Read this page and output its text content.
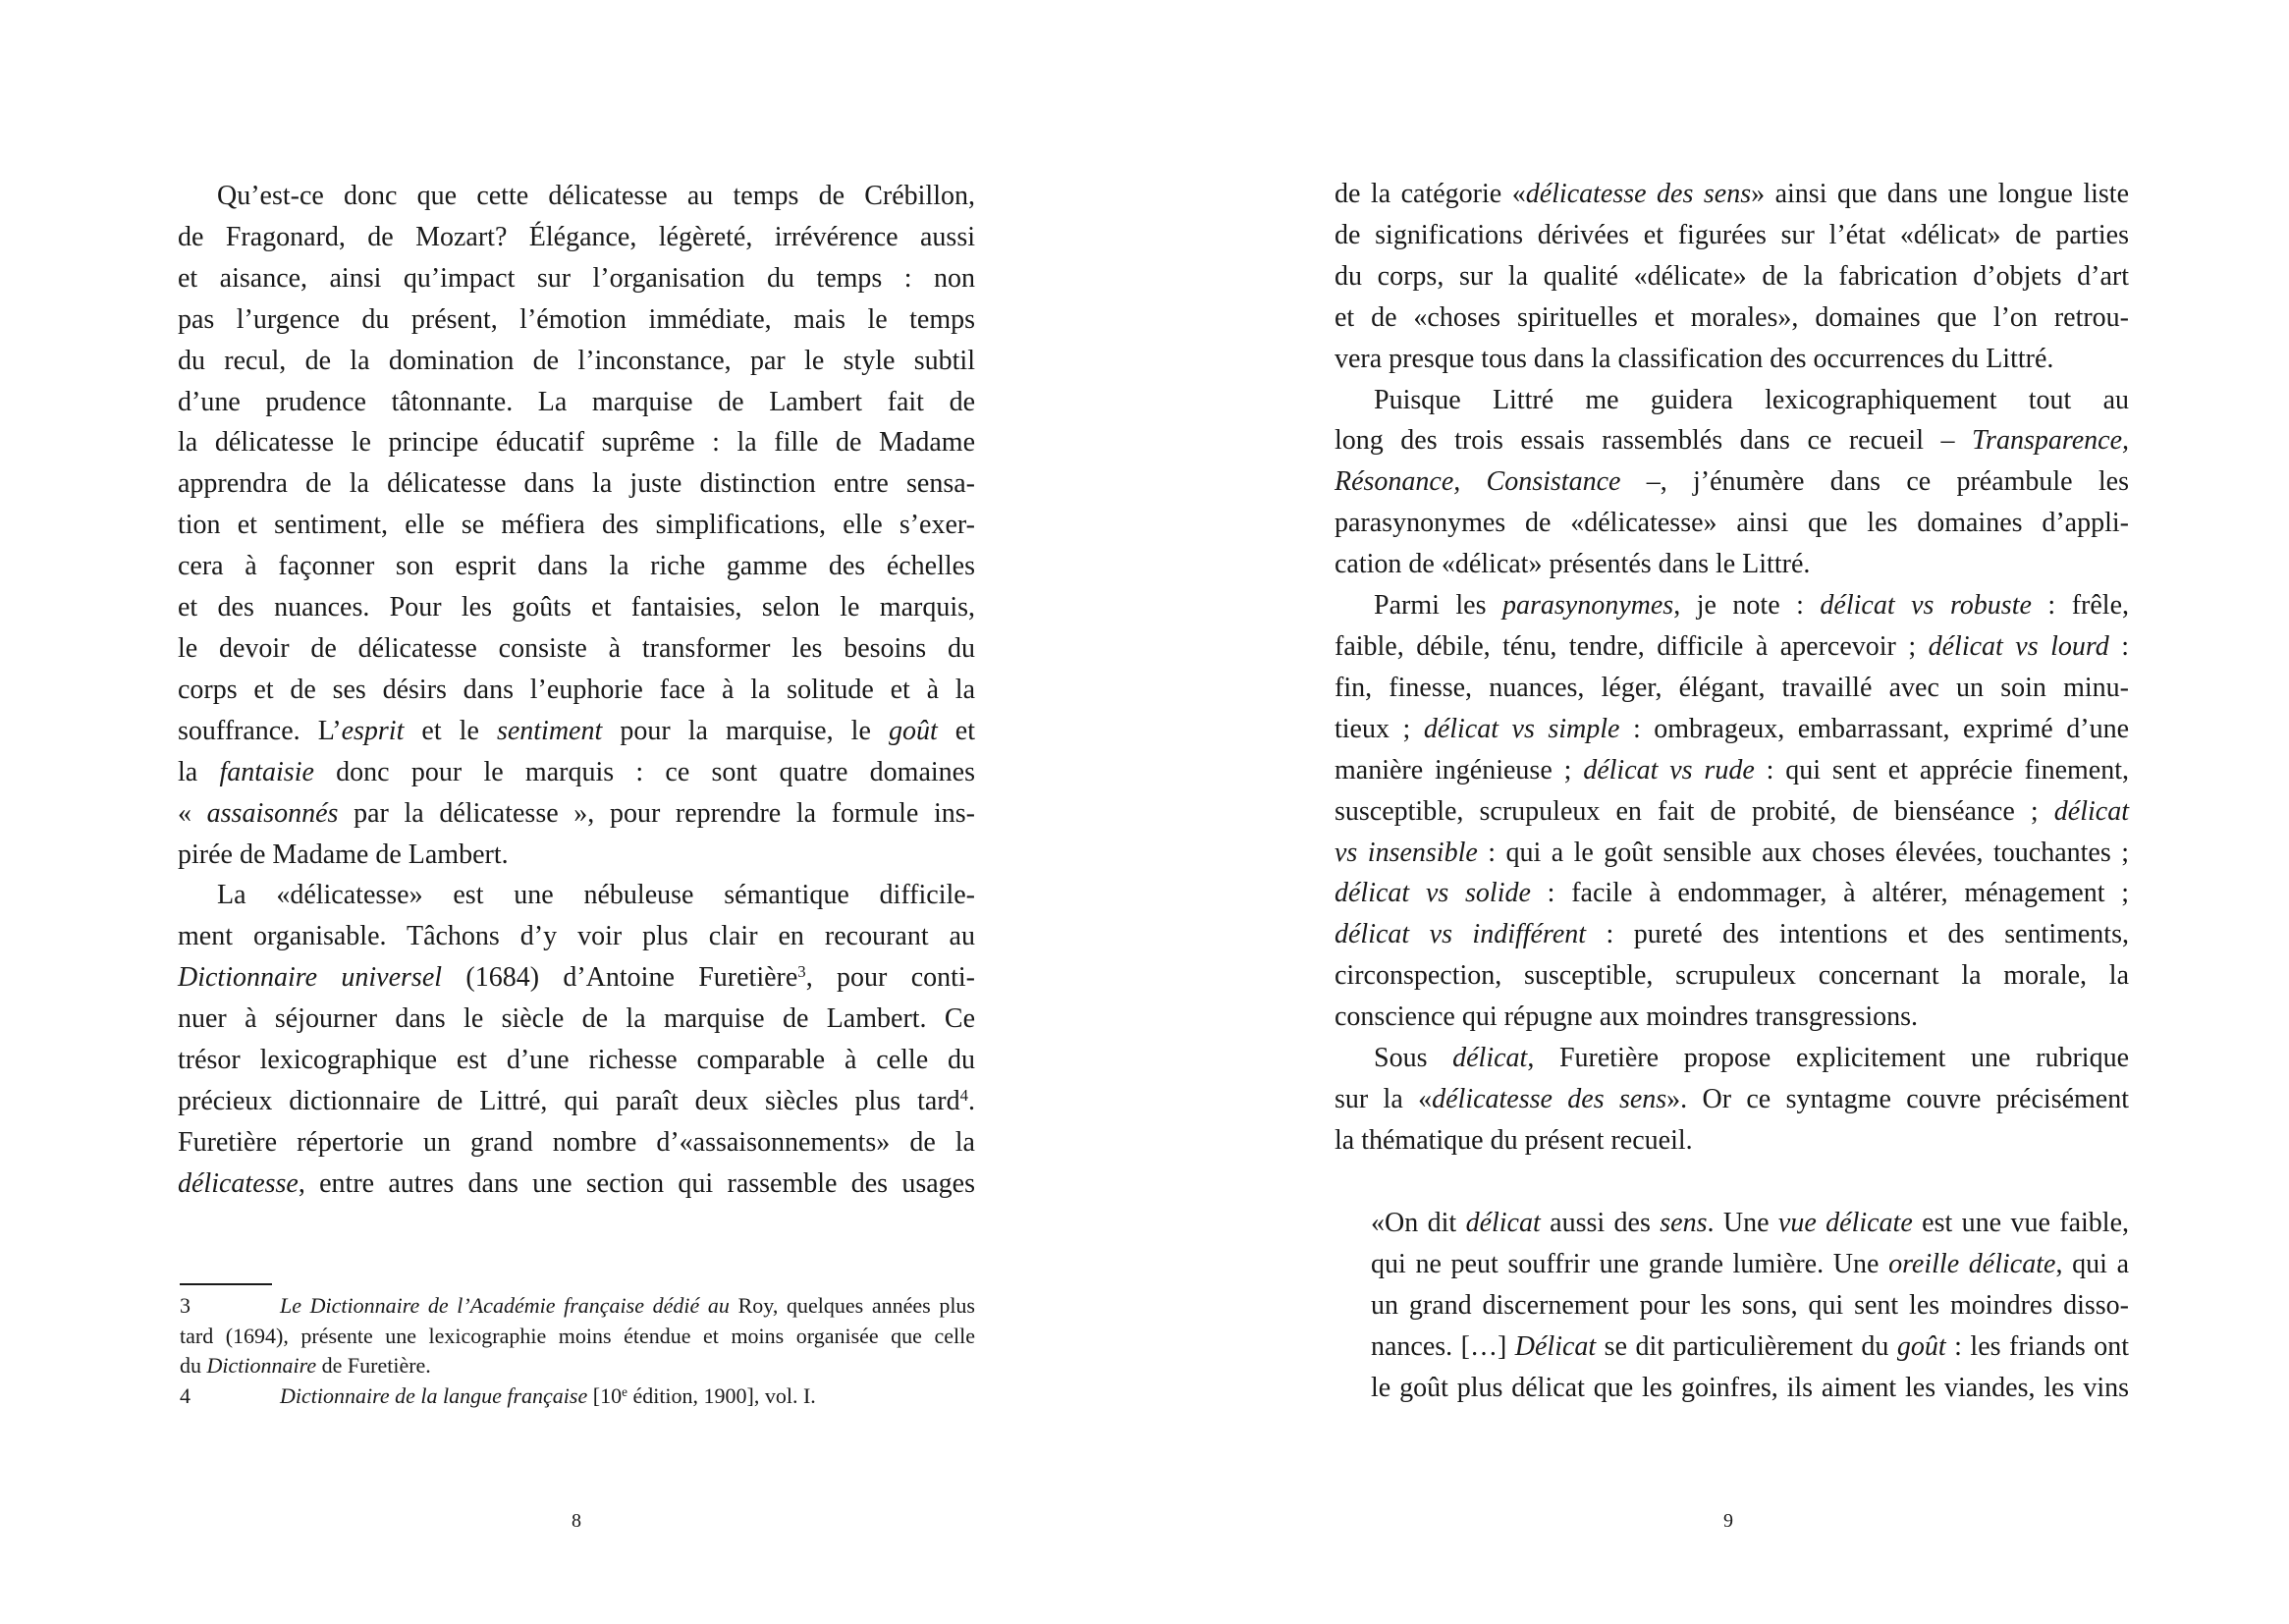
Qu’est-ce donc que cette délicatesse au temps de Crébillon,
de Fragonard, de Mozart? Élégance, légèreté, irrévérence aussi
et aisance, ainsi qu’impact sur l’organisation du temps : non
pas l’urgence du présent, l’émotion immédiate, mais le temps
du recul, de la domination de l’inconstance, par le style subtil
d’une prudence tâtonnante. La marquise de Lambert fait de
la délicatesse le principe éducatif suprême : la fille de Madame
apprendra de la délicatesse dans la juste distinction entre sensa-
tion et sentiment, elle se méfiera des simplifications, elle s’exer-
cera à façonner son esprit dans la riche gamme des échelles
et des nuances. Pour les goûts et fantaisies, selon le marquis,
le devoir de délicatesse consiste à transformer les besoins du
corps et de ses désirs dans l’euphorie face à la solitude et à la
souffrance. L’esprit et le sentiment pour la marquise, le goût et
la fantaisie donc pour le marquis : ce sont quatre domaines
« assaisonnés par la délicatesse », pour reprendre la formule ins-
pirée de Madame de Lambert.
La «délicatesse» est une nébuleuse sémantique difficile-
ment organisable. Tâchons d’y voir plus clair en recourant au
Dictionnaire universel (1684) d’Antoine Furetière$^3$, pour conti-
nuer à séjourner dans le siècle de la marquise de Lambert. Ce
trésor lexicographique est d’une richesse comparable à celle du
précieux dictionnaire de Littré, qui paraît deux siècles plus tard$^4$.
Furetière répertorie un grand nombre d’«assaisonnements» de la
délicatesse, entre autres dans une section qui rassemble des usages
3	Le Dictionnaire de l’Académie française dédié au Roy, quelques années plus
tard (1694), présente une lexicographie moins étendue et moins organisée que celle
du Dictionnaire de Furetière.
4	Dictionnaire de la langue française [10e édition, 1900], vol. I.
8
de la catégorie «délicatesse des sens» ainsi que dans une longue liste
de significations dérivées et figurées sur l’état «délicat» de parties
du corps, sur la qualité «délicate» de la fabrication d’objets d’art
et de «choses spirituelles et morales», domaines que l’on retrou-
vera presque tous dans la classification des occurrences du Littré.
Puisque Littré me guidera lexicographiquement tout au
long des trois essais rassemblés dans ce recueil – Transparence,
Résonance, Consistance –, j’énumère dans ce préambule les
parasynonymes de «délicatesse» ainsi que les domaines d’appli-
cation de «délicat» présentés dans le Littré.
Parmi les parasynonymes, je note : délicat vs robuste : frêle,
faible, débile, ténu, tendre, difficile à apercevoir ; délicat vs lourd :
fin, finesse, nuances, léger, élégant, travaillé avec un soin minu-
tieux ; délicat vs simple : ombrageux, embarrassant, exprimé d’une
manière ingénieuse ; délicat vs rude : qui sent et apprécie finement,
susceptible, scrupuleux en fait de probité, de bienséance ; délicat
vs insensible : qui a le goût sensible aux choses élevées, touchantes ;
délicat vs solide : facile à endommager, à altérer, ménagement ;
délicat vs indifférent : pureté des intentions et des sentiments,
circonspection, susceptible, scrupuleux concernant la morale, la
conscience qui répugne aux moindres transgressions.
Sous délicat, Furetière propose explicitement une rubrique
sur la «délicatesse des sens». Or ce syntagme couvre précisément
la thématique du présent recueil.
«On dit délicat aussi des sens. Une vue délicate est une vue faible,
qui ne peut souffrir une grande lumière. Une oreille délicate, qui a
un grand discernement pour les sons, qui sent les moindres disso-
nances. […] Délicat se dit particulièrement du goût : les friands ont
le goût plus délicat que les goinfres, ils aiment les viandes, les vins
9
